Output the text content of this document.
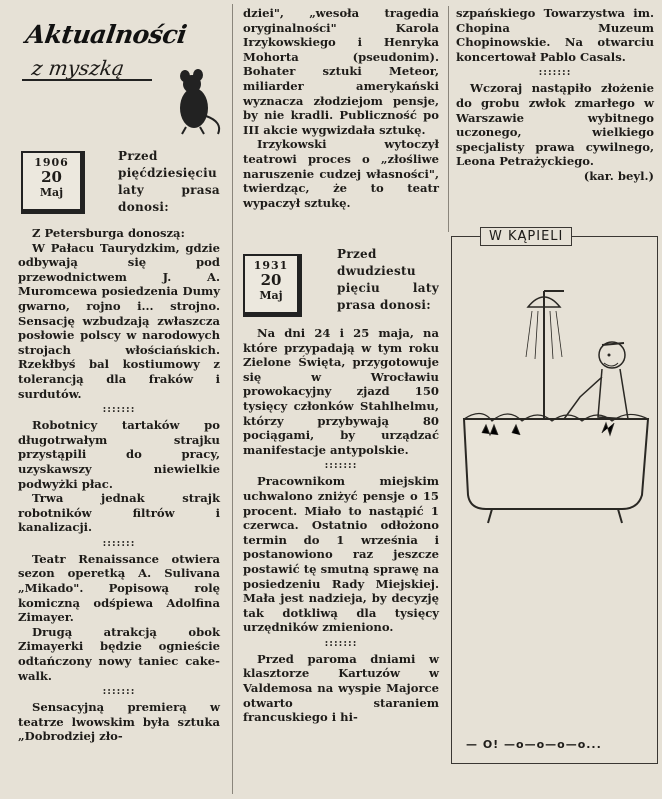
Aktualności
z myszką
1906
20
Maj
Przed pięćdziesięciu laty prasa donosi:

Z Petersburga donoszą:

W Pałacu Taurydzkim, gdzie odbywają się pod przewodnictwem J. A. Muromcewa posiedzenia Dumy gwarno, rojno i... strojno. Sensację wzbudzają zwłaszcza posłowie polscy w narodowych strojach włościańskich. Rzekłbyś bal kostiumowy z tolerancją dla fraków i surdutów.

:::::::

Robotnicy tartaków po długotrwałym strajku przystąpili do pracy, uzyskawszy niewielkie podwyżki płac.

Trwa jednak strajk robotników filtrów i kanalizacji.

:::::::

Teatr Renaissance otwiera sezon operetką A. Sulivana „Mikado". Popisową rolę komiczną odśpiewa Adolfina Zimayer.

Drugą atrakcją obok Zimayerki będzie ognieście odtańczony nowy taniec cake-walk.

:::::::

Sensacyjną premierą w teatrze lwowskim była sztuka „Dobrodziej zło-

dziei", „wesoła tragedia oryginalności" Karola Irzykowskiego i Henryka Mohorta (pseudonim). Bohater sztuki Meteor, miliarder amerykański wyznacza złodziejom pensje, by nie kradli. Publiczność po III akcie wygwizdała sztukę.

Irzykowski wytoczył teatrowi proces o „złośliwe naruszenie cudzej własności", twierdząc, że to teatr wypaczył sztukę.

1931
20
Maj
Przed dwudziestu pięciu laty prasa donosi:

Na dni 24 i 25 maja, na które przypadają w tym roku Zielone Święta, przygotowuje się w Wrocławiu prowokacyjny zjazd 150 tysięcy członków Stahlhelmu, którzy przybywają 80 pociągami, by urządzać manifestacje antypolskie.

:::::::

Pracownikom miejskim uchwalono zniżyć pensje o 15 procent. Miało to nastąpić 1 czerwca. Ostatnio odłożono termin do 1 września i postanowiono raz jeszcze postawić tę smutną sprawę na posiedzeniu Rady Miejskiej. Mała jest nadzieja, by decyzję tak dotkliwą dla tysięcy urzędników zmieniono.

:::::::

Przed paroma dniami w klasztorze Kartuzów w Valdemosa na wyspie Majorce otwarto staraniem francuskiego i hi-

szpańskiego Towarzystwa im. Chopina Muzeum Chopinowskie. Na otwarciu koncertował Pablo Casals.

:::::::

Wczoraj nastąpiło złożenie do grobu zwłok zmarłego w Warszawie wybitnego uczonego, wielkiego specjalisty prawa cywilnego, Leona Petrażyckiego.

(kar. beyl.)

W KĄPIELI
— O! —o—o—o—o...
